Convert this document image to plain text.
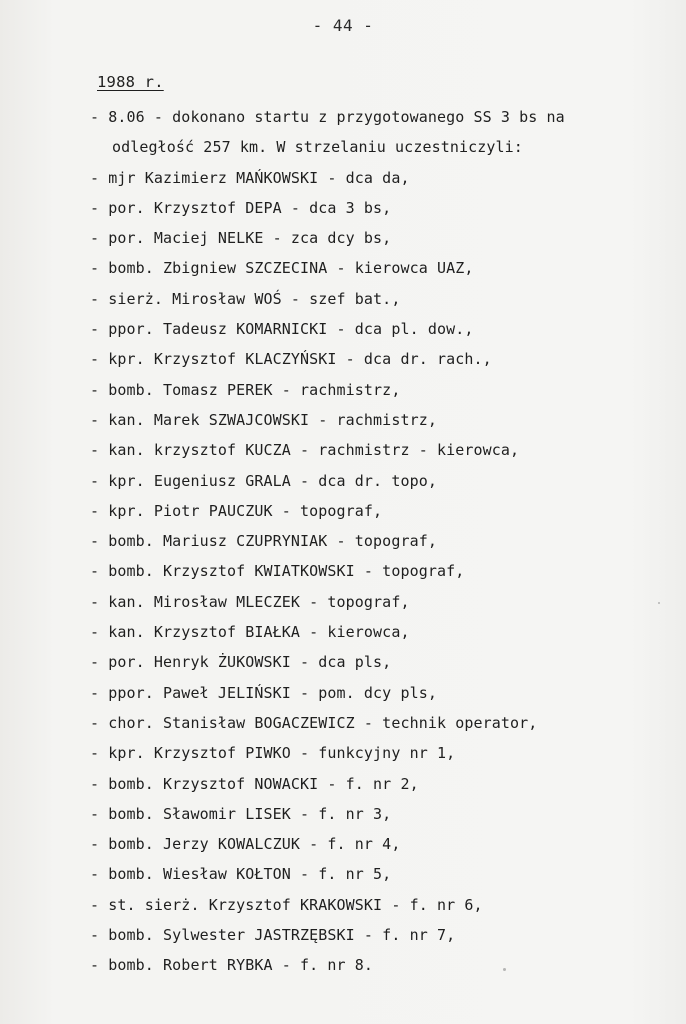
- 44 -
1988 r.
- 8.06 - dokonano startu z przygotowanego SS 3 bs na
odległość 257 km. W strzelaniu uczestniczyli:
- mjr Kazimierz MAŃKOWSKI - dca da,
- por. Krzysztof DEPA - dca 3 bs,
- por. Maciej NELKE - zca dcy bs,
- bomb. Zbigniew SZCZECINA - kierowca UAZ,
- sierż. Mirosław WOŚ - szef bat.,
- ppor. Tadeusz KOMARNICKI - dca pl. dow.,
- kpr. Krzysztof KLACZYŃSKI - dca dr. rach.,
- bomb. Tomasz PEREK - rachmistrz,
- kan. Marek SZWAJCOWSKI - rachmistrz,
- kan. krzysztof KUCZA - rachmistrz - kierowca,
- kpr. Eugeniusz GRALA - dca dr. topo,
- kpr. Piotr PAUCZUK - topograf,
- bomb. Mariusz CZUPRYNIAK - topograf,
- bomb. Krzysztof KWIATKOWSKI - topograf,
- kan. Mirosław MLECZEK - topograf,
- kan. Krzysztof BIAŁKA - kierowca,
- por. Henryk ŻUKOWSKI - dca pls,
- ppor. Paweł JELIŃSKI - pom. dcy pls,
- chor. Stanisław BOGACZEWICZ - technik operator,
- kpr. Krzysztof PIWKO - funkcyjny nr 1,
- bomb. Krzysztof NOWACKI - f. nr 2,
- bomb. Sławomir LISEK - f. nr 3,
- bomb. Jerzy KOWALCZUK - f. nr 4,
- bomb. Wiesław KOŁTON - f. nr 5,
- st. sierż. Krzysztof KRAKOWSKI - f. nr 6,
- bomb. Sylwester JASTRZĘBSKI - f. nr 7,
- bomb. Robert RYBKA - f. nr 8.
